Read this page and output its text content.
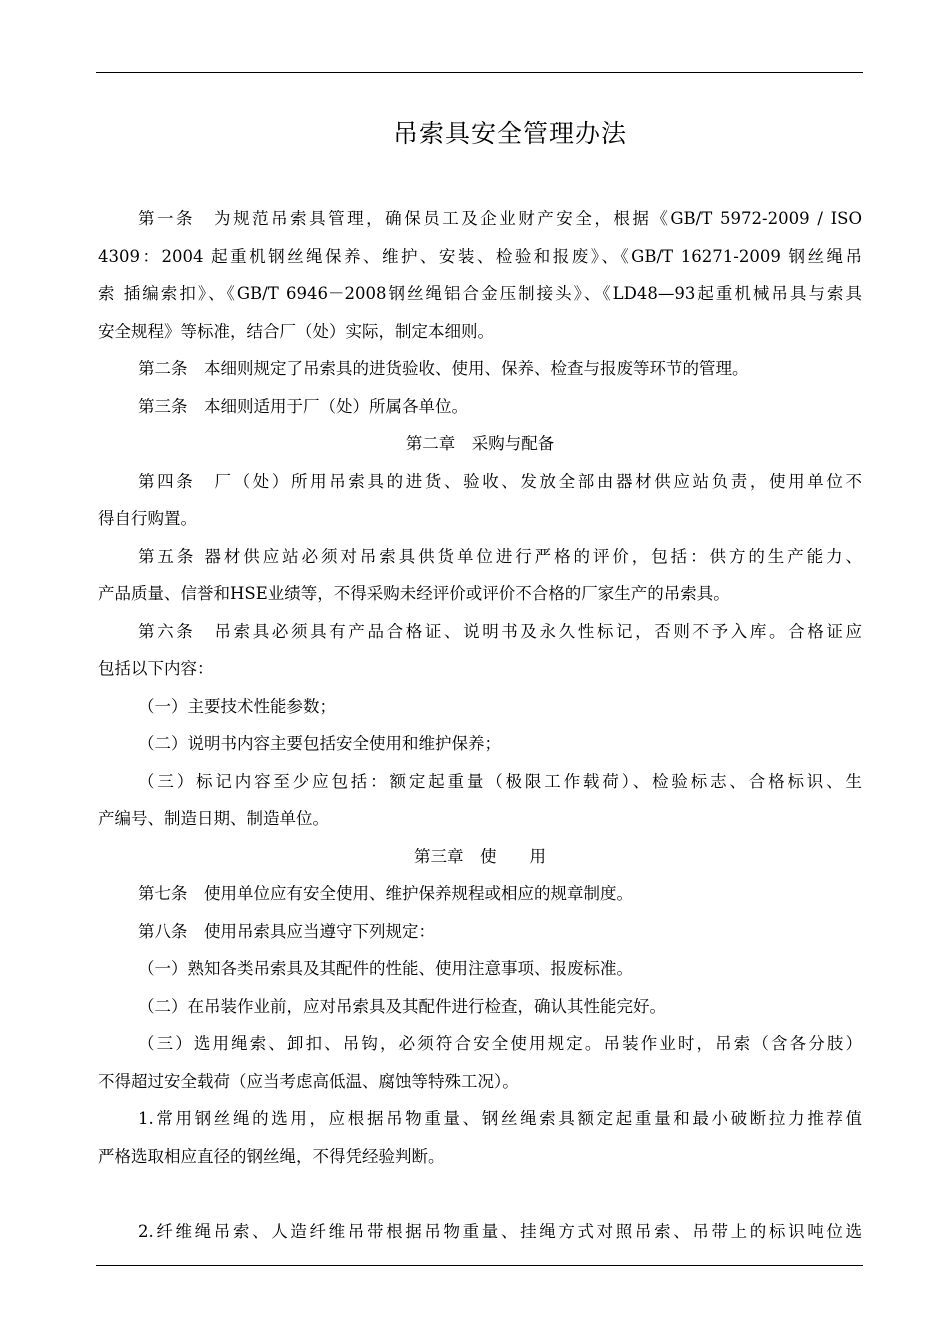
吊索具安全管理办法
第一条　为规范吊索具管理，确保员工及企业财产安全，根据《GB/T 5972-2009 / ISO
4309：2004 起重机钢丝绳保养、维护、安装、检验和报废》、《GB/T 16271-2009 钢丝绳吊
索 插编索扣》、《GB/T 6946－2008钢丝绳铝合金压制接头》、《LD48—93起重机械吊具与索具
安全规程》等标准，结合厂（处）实际，制定本细则。
第二条　本细则规定了吊索具的进货验收、使用、保养、检查与报废等环节的管理。
第三条　本细则适用于厂（处）所属各单位。
第二章　采购与配备
第四条　厂（处）所用吊索具的进货、验收、发放全部由器材供应站负责，使用单位不
得自行购置。
第五条 器材供应站必须对吊索具供货单位进行严格的评价，包括：供方的生产能力、
产品质量、信誉和HSE业绩等，不得采购未经评价或评价不合格的厂家生产的吊索具。
第六条　吊索具必须具有产品合格证、说明书及永久性标记，否则不予入库。合格证应
包括以下内容：
（一）主要技术性能参数；
（二）说明书内容主要包括安全使用和维护保养；
（三）标记内容至少应包括：额定起重量（极限工作载荷）、检验标志、合格标识、生
产编号、制造日期、制造单位。
第三章　使　　用
第七条　使用单位应有安全使用、维护保养规程或相应的规章制度。
第八条　使用吊索具应当遵守下列规定：
（一）熟知各类吊索具及其配件的性能、使用注意事项、报废标准。
（二）在吊装作业前，应对吊索具及其配件进行检查，确认其性能完好。
（三）选用绳索、卸扣、吊钩，必须符合安全使用规定。吊装作业时，吊索（含各分肢）
不得超过安全载荷（应当考虑高低温、腐蚀等特殊工况）。
1.常用钢丝绳的选用，应根据吊物重量、钢丝绳索具额定起重量和最小破断拉力推荐值
严格选取相应直径的钢丝绳，不得凭经验判断。
2.纤维绳吊索、人造纤维吊带根据吊物重量、挂绳方式对照吊索、吊带上的标识吨位选
